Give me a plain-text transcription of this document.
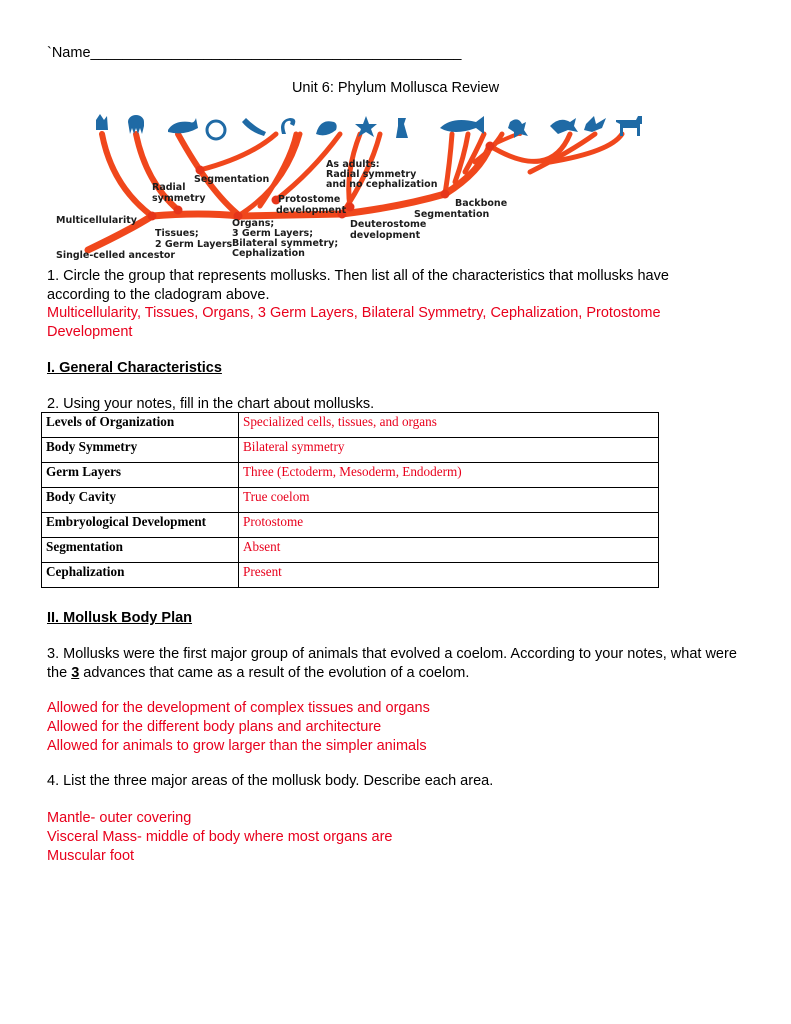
`Name______________________________________________
Unit 6: Phylum Mollusca Review
Segmentation
Radial symmetry
As adults: Radial symmetry and no cephalization
Backbone
Segmentation
Multicellularity
Protostome development
Deuterostome development
Tissues; 2 Germ Layers
Organs; 3 Germ Layers; Bilateral symmetry; Cephalization
Single-celled ancestor
1. Circle the group that represents mollusks. Then list all of the characteristics that mollusks have according to the cladogram above.
Multicellularity, Tissues, Organs, 3 Germ Layers, Bilateral Symmetry, Cephalization, Protostome Development
I. General Characteristics
2. Using your notes, fill in the chart about mollusks.
Levels of Organization	Specialized cells, tissues, and organs
Body Symmetry	Bilateral symmetry
Germ Layers	Three (Ectoderm, Mesoderm, Endoderm)
Body Cavity	True coelom
Embryological Development	Protostome
Segmentation	Absent
Cephalization	Present
II. Mollusk Body Plan
3. Mollusks were the first major group of animals that evolved a coelom. According to your notes, what were the 3 advances that came as a result of the evolution of a coelom.
Allowed for the development of complex tissues and organs
Allowed for the different body plans and architecture
Allowed for animals to grow larger than the simpler animals
4. List the three major areas of the mollusk body. Describe each area.
Mantle- outer covering
Visceral Mass- middle of body where most organs are
Muscular foot
